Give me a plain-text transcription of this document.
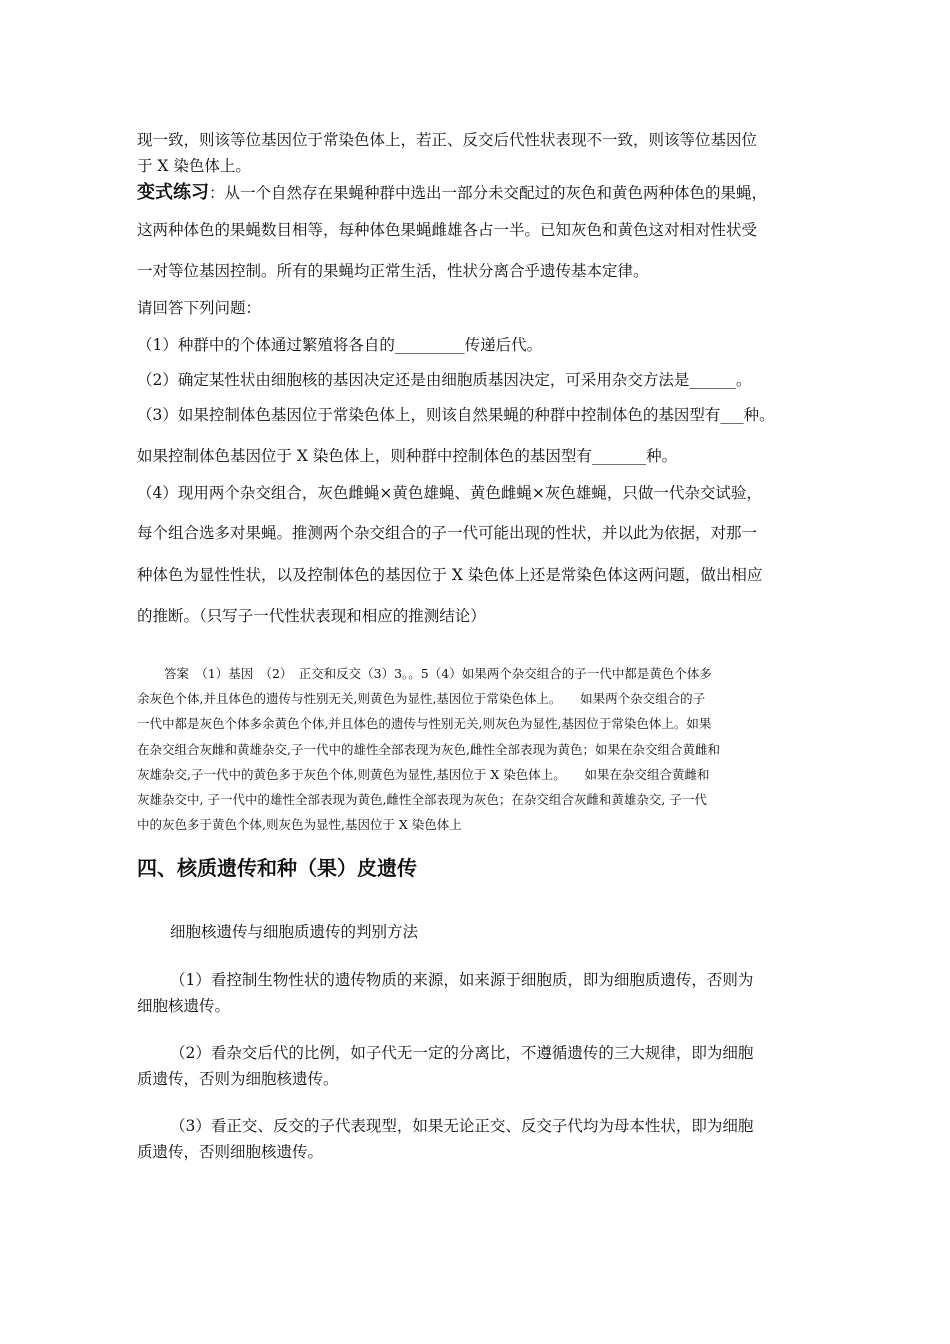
现一致，则该等位基因位于常染色体上，若正、反交后代性状表现不一致，则该等位基因位
于 X 染色体上。
变式练习：从一个自然存在果蝇种群中选出一部分未交配过的灰色和黄色两种体色的果蝇，
这两种体色的果蝇数目相等，每种体色果蝇雌雄各占一半。已知灰色和黄色这对相对性状受
一对等位基因控制。所有的果蝇均正常生活，性状分离合乎遗传基本定律。
请回答下列问题：
（1）种群中的个体通过繁殖将各自的_________传递后代。
（2）确定某性状由细胞核的基因决定还是由细胞质基因决定，可采用杂交方法是______。
（3）如果控制体色基因位于常染色体上，则该自然果蝇的种群中控制体色的基因型有___种。
如果控制体色基因位于 X 染色体上，则种群中控制体色的基因型有_______种。
（4）现用两个杂交组合，灰色雌蝇×黄色雄蝇、黄色雌蝇×灰色雄蝇，只做一代杂交试验，
每个组合选多对果蝇。推测两个杂交组合的子一代可能出现的性状，并以此为依据，对那一
种体色为显性性状，以及控制体色的基因位于 X 染色体上还是常染色体这两问题，做出相应
的推断。（只写子一代性状表现和相应的推测结论）
答案　（1）基因　（2）　正交和反交（3）3。。5（4）如果两个杂交组合的子一代中都是黄色个体多
余灰色个体,并且体色的遗传与性别无关,则黄色为显性,基因位于常染色体上。　　如果两个杂交组合的子
一代中都是灰色个体多余黄色个体,并且体色的遗传与性别无关,则灰色为显性,基因位于常染色体上。如果
在杂交组合灰雌和黄雄杂交,子一代中的雄性全部表现为灰色,雌性全部表现为黄色；如果在杂交组合黄雌和
灰雄杂交,子一代中的黄色多于灰色个体,则黄色为显性,基因位于 X 染色体上。　　如果在杂交组合黄雌和
灰雄杂交中, 子一代中的雄性全部表现为黄色,雌性全部表现为灰色；在杂交组合灰雌和黄雄杂交, 子一代
中的灰色多于黄色个体,则灰色为显性,基因位于 X 染色体上
四、核质遗传和种（果）皮遗传
细胞核遗传与细胞质遗传的判别方法
（1）看控制生物性状的遗传物质的来源，如来源于细胞质，即为细胞质遗传，否则为
细胞核遗传。
（2）看杂交后代的比例，如子代无一定的分离比，不遵循遗传的三大规律，即为细胞
质遗传，否则为细胞核遗传。
（3）看正交、反交的子代表现型，如果无论正交、反交子代均为母本性状，即为细胞
质遗传，否则细胞核遗传。
